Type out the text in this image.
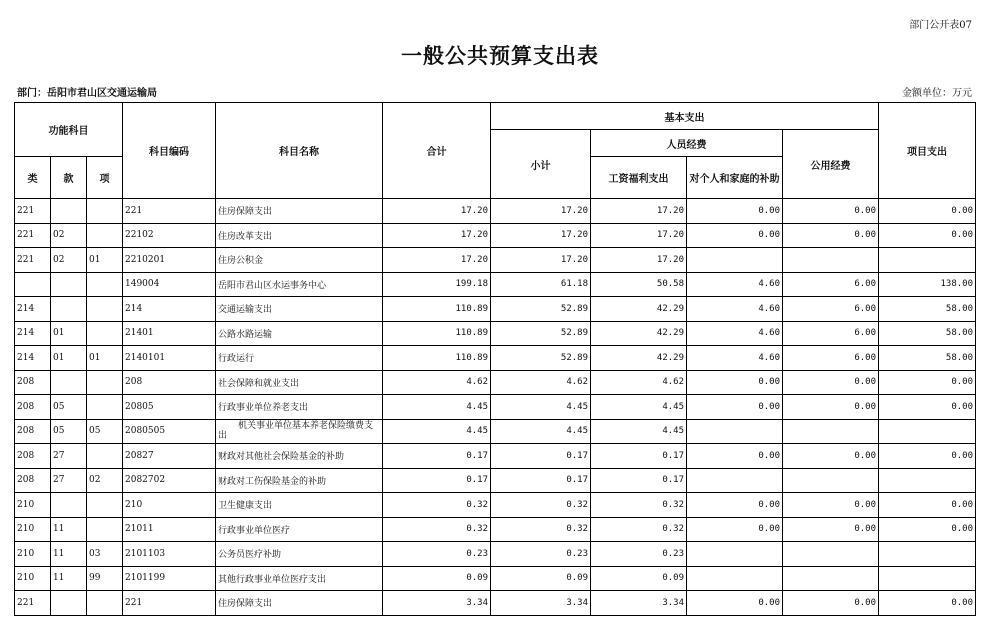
部门公开表07
一般公共预算支出表
部门：岳阳市君山区交通运输局	金额单位：万元
功能科目			科目编码	科目名称	合计	基本支出				项目支出
						小计	人员经费		公用经费	
类	款	项					工资福利支出	对个人和家庭的补助		
221			221	住房保障支出	17.20	17.20	17.20	0.00	0.00	0.00
221	02		22102	住房改革支出	17.20	17.20	17.20	0.00	0.00	0.00
221	02	01	2210201	住房公积金	17.20	17.20	17.20			
			149004	岳阳市君山区水运事务中心	199.18	61.18	50.58	4.60	6.00	138.00
214			214	交通运输支出	110.89	52.89	42.29	4.60	6.00	58.00
214	01		21401	公路水路运输	110.89	52.89	42.29	4.60	6.00	58.00
214	01	01	2140101	行政运行	110.89	52.89	42.29	4.60	6.00	58.00
208			208	社会保障和就业支出	4.62	4.62	4.62	0.00	0.00	0.00
208	05		20805	行政事业单位养老支出	4.45	4.45	4.45	0.00	0.00	0.00
208	05	05	2080505	机关事业单位基本养老保险缴费支出	4.45	4.45	4.45			
208	27		20827	财政对其他社会保险基金的补助	0.17	0.17	0.17	0.00	0.00	0.00
208	27	02	2082702	财政对工伤保险基金的补助	0.17	0.17	0.17			
210			210	卫生健康支出	0.32	0.32	0.32	0.00	0.00	0.00
210	11		21011	行政事业单位医疗	0.32	0.32	0.32	0.00	0.00	0.00
210	11	03	2101103	公务员医疗补助	0.23	0.23	0.23			
210	11	99	2101199	其他行政事业单位医疗支出	0.09	0.09	0.09			
221			221	住房保障支出	3.34	3.34	3.34	0.00	0.00	0.00
